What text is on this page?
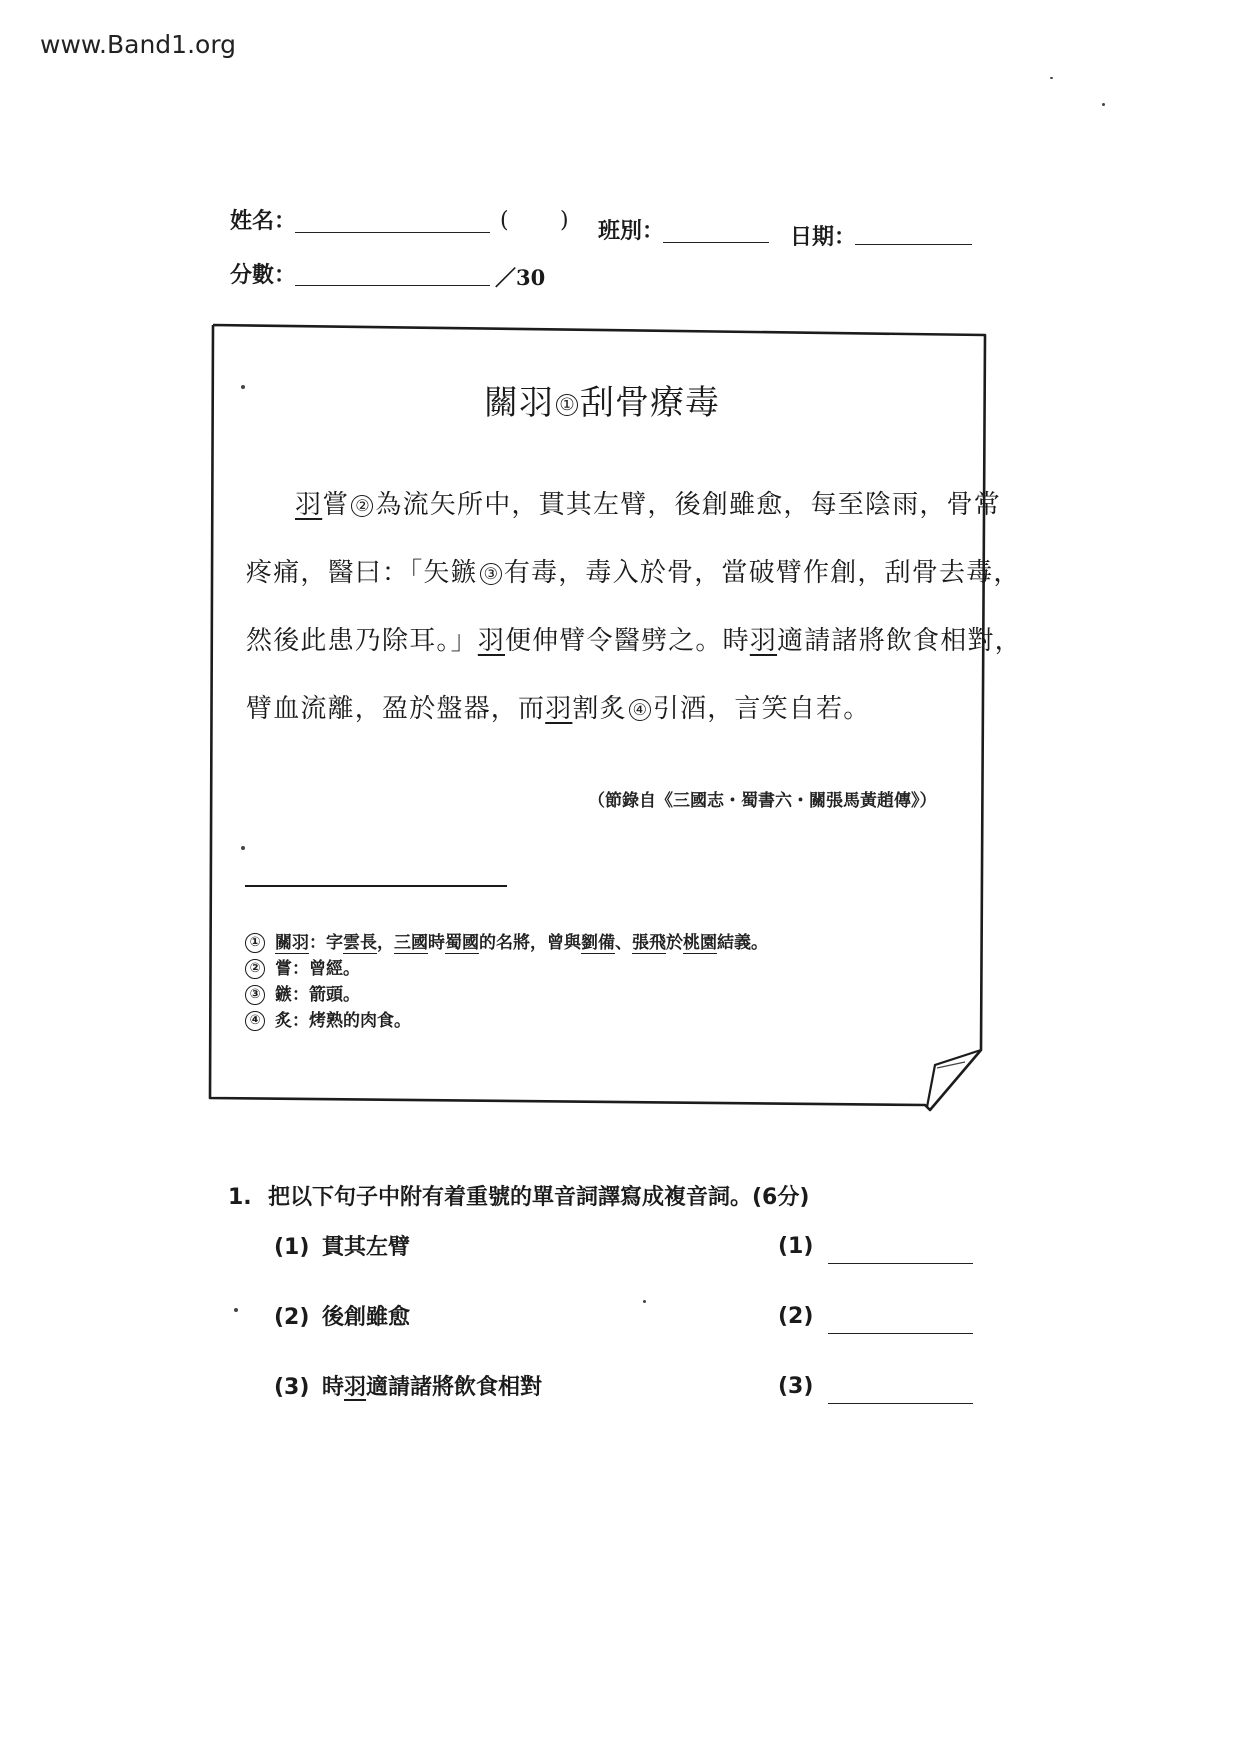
www.Band1.org
姓名：	( ) 班別：	日期：
分數：	／30
關羽 ① 刮骨療毒
羽嘗 ② 為流矢所中，貫其左臂，後創雖愈，每至陰雨，骨常
疼痛，醫曰：「矢鏃 ③ 有毒，毒入於骨，當破臂作創，刮骨去毒，
然後此患乃除耳。」羽便伸臂令醫劈之。時羽適請諸將飲食相對，
臂血流離，盈於盤器，而羽割炙 ④ 引酒，言笑自若。
（節錄自《三國志・蜀書六・關張馬黃趙傳》）
① 關羽：字雲長，三國時蜀國的名將，曾與劉備、張飛於桃園結義。
② 嘗：曾經。
③ 鏃：箭頭。
④ 炙：烤熟的肉食。
1. 把以下句子中附有着重號的單音詞譯寫成複音詞。(6分)
(1) 貫其左臂	(1)
(2) 後創雖愈	(2)
(3) 時羽適請諸將飲食相對	(3)
